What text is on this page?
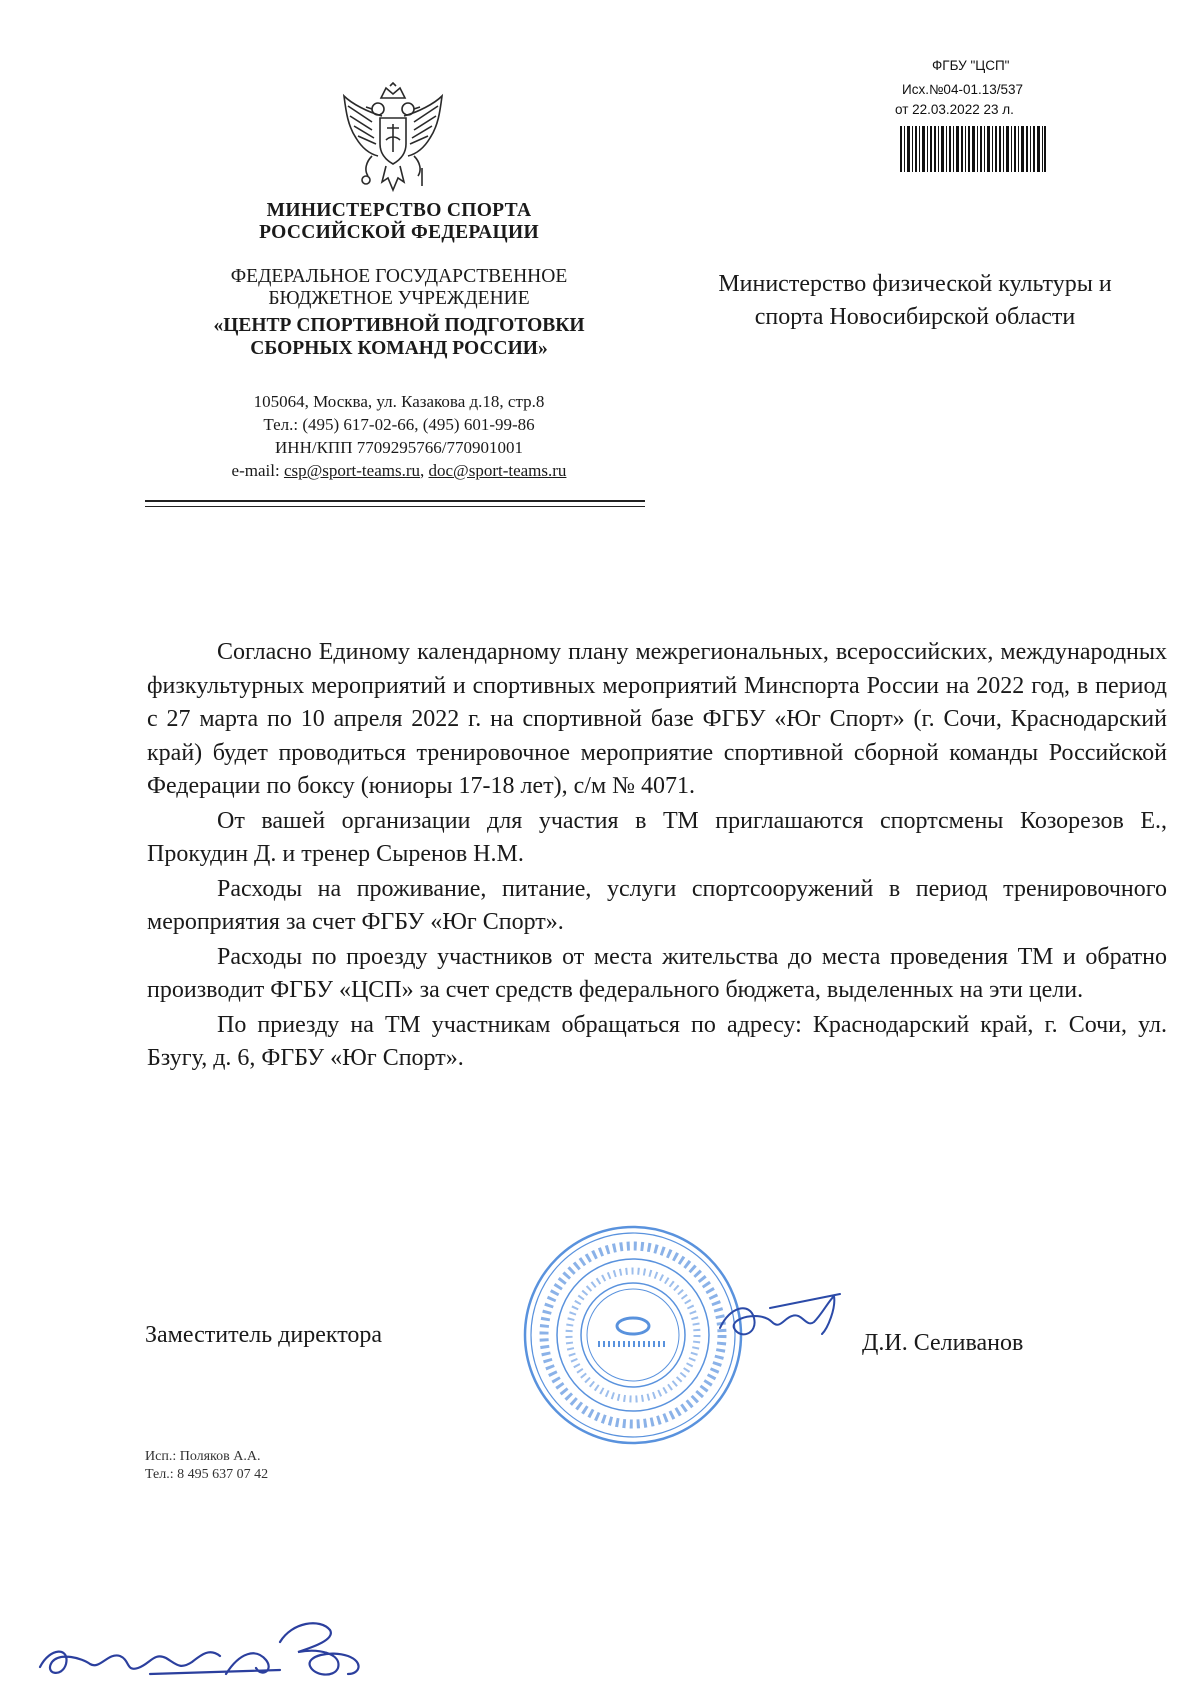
МИНИСТЕРСТВО СПОРТА
РОССИЙСКОЙ ФЕДЕРАЦИИ
ФЕДЕРАЛЬНОЕ ГОСУДАРСТВЕННОЕ
БЮДЖЕТНОЕ УЧРЕЖДЕНИЕ
«ЦЕНТР СПОРТИВНОЙ ПОДГОТОВКИ
СБОРНЫХ КОМАНД РОССИИ»
105064, Москва, ул. Казакова д.18, стр.8
Тел.: (495) 617-02-66, (495) 601-99-86
ИНН/КПП 7709295766/770901001
e-mail: csp@sport-teams.ru, doc@sport-teams.ru
ФГБУ "ЦСП"
Исх.№04-01.13/537
от 22.03.2022 23 л.
Министерство физической культуры и
спорта Новосибирской области

Согласно Единому календарному плану межрегиональных, всероссийских, международных физкультурных мероприятий и спортивных мероприятий Минспорта России на 2022 год, в период с 27 марта по 10 апреля 2022 г. на спортивной базе ФГБУ «Юг Спорт» (г. Сочи, Краснодарский край) будет проводиться тренировочное мероприятие спортивной сборной команды Российской Федерации по боксу (юниоры 17-18 лет), с/м № 4071.

От вашей организации для участия в ТМ приглашаются спортсмены Козорезов Е., Прокудин Д. и тренер Сыренов Н.М.

Расходы на проживание, питание, услуги спортсооружений в период тренировочного мероприятия за счет ФГБУ «Юг Спорт».

Расходы по проезду участников от места жительства до места проведения ТМ и обратно производит ФГБУ «ЦСП» за счет средств федерального бюджета, выделенных на эти цели.

По приезду на ТМ участникам обращаться по адресу: Краснодарский край, г. Сочи, ул. Бзугу, д. 6, ФГБУ «Юг Спорт».

Заместитель директора	Д.И. Селиванов
Исп.: Поляков А.А.
Тел.: 8 495 637 07 42
